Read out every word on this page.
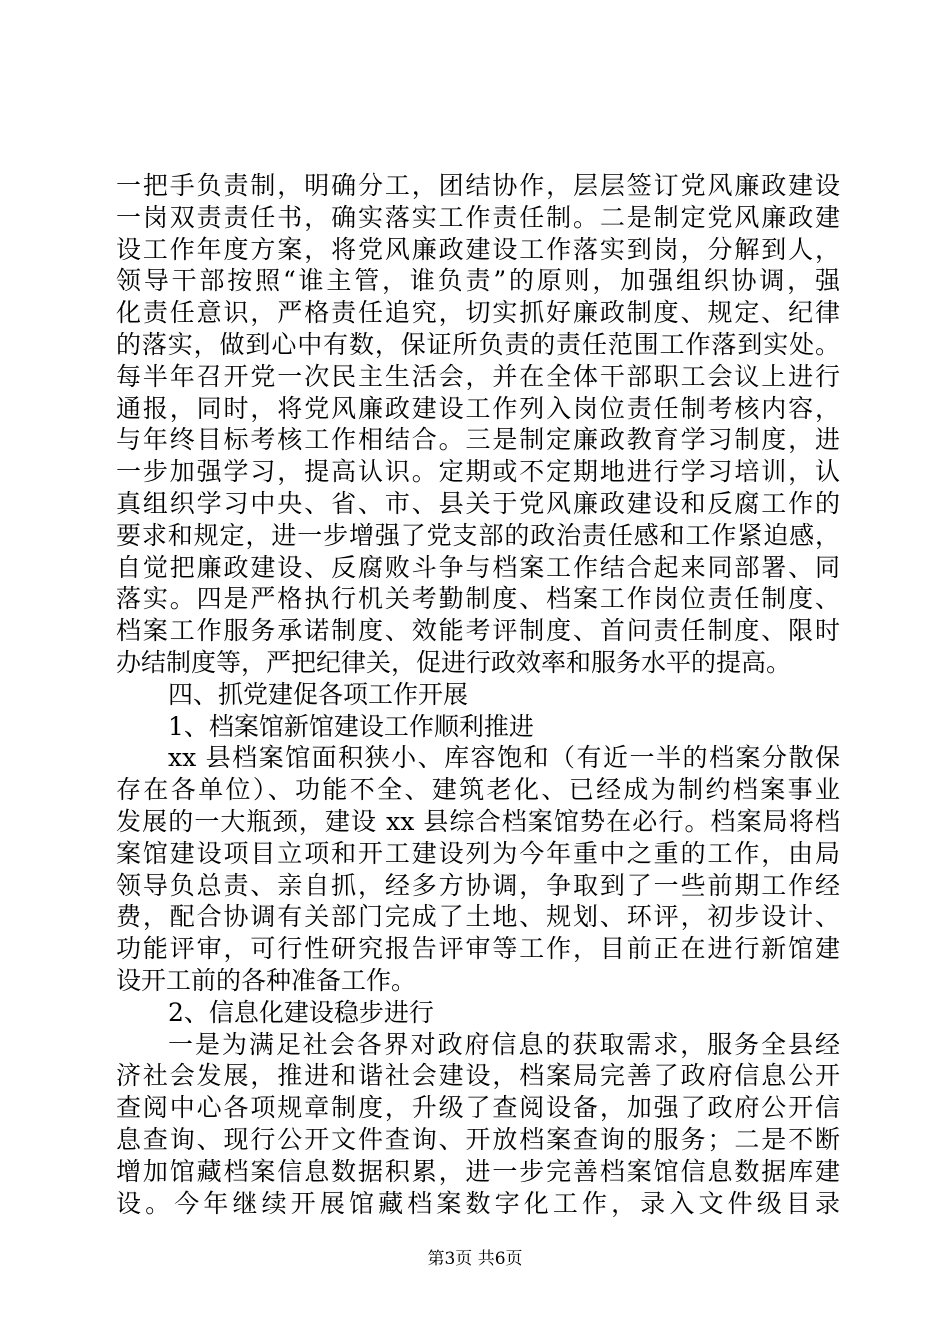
一把手负责制，明确分工，团结协作，层层签订党风廉政建设
一岗双责责任书，确实落实工作责任制。二是制定党风廉政建
设工作年度方案，将党风廉政建设工作落实到岗，分解到人，
领导干部按照“谁主管，谁负责”的原则，加强组织协调，强
化责任意识，严格责任追究，切实抓好廉政制度、规定、纪律
的落实，做到心中有数，保证所负责的责任范围工作落到实处。
每半年召开党一次民主生活会，并在全体干部职工会议上进行
通报，同时，将党风廉政建设工作列入岗位责任制考核内容，
与年终目标考核工作相结合。三是制定廉政教育学习制度，进
一步加强学习，提高认识。定期或不定期地进行学习培训，认
真组织学习中央、省、市、县关于党风廉政建设和反腐工作的
要求和规定，进一步增强了党支部的政治责任感和工作紧迫感，
自觉把廉政建设、反腐败斗争与档案工作结合起来同部署、同
落实。四是严格执行机关考勤制度、档案工作岗位责任制度、
档案工作服务承诺制度、效能考评制度、首问责任制度、限时
办结制度等，严把纪律关，促进行政效率和服务水平的提高。
四、抓党建促各项工作开展
1、档案馆新馆建设工作顺利推进
xx 县档案馆面积狭小、库容饱和（有近一半的档案分散保
存在各单位）、功能不全、建筑老化、已经成为制约档案事业
发展的一大瓶颈，建设 xx 县综合档案馆势在必行。档案局将档
案馆建设项目立项和开工建设列为今年重中之重的工作，由局
领导负总责、亲自抓，经多方协调，争取到了一些前期工作经
费，配合协调有关部门完成了土地、规划、环评，初步设计、
功能评审，可行性研究报告评审等工作，目前正在进行新馆建
设开工前的各种准备工作。
2、信息化建设稳步进行
一是为满足社会各界对政府信息的获取需求，服务全县经
济社会发展，推进和谐社会建设，档案局完善了政府信息公开
查阅中心各项规章制度，升级了查阅设备，加强了政府公开信
息查询、现行公开文件查询、开放档案查询的服务；二是不断
增加馆藏档案信息数据积累，进一步完善档案馆信息数据库建
设。今年继续开展馆藏档案数字化工作，录入文件级目录
第3页 共6页
